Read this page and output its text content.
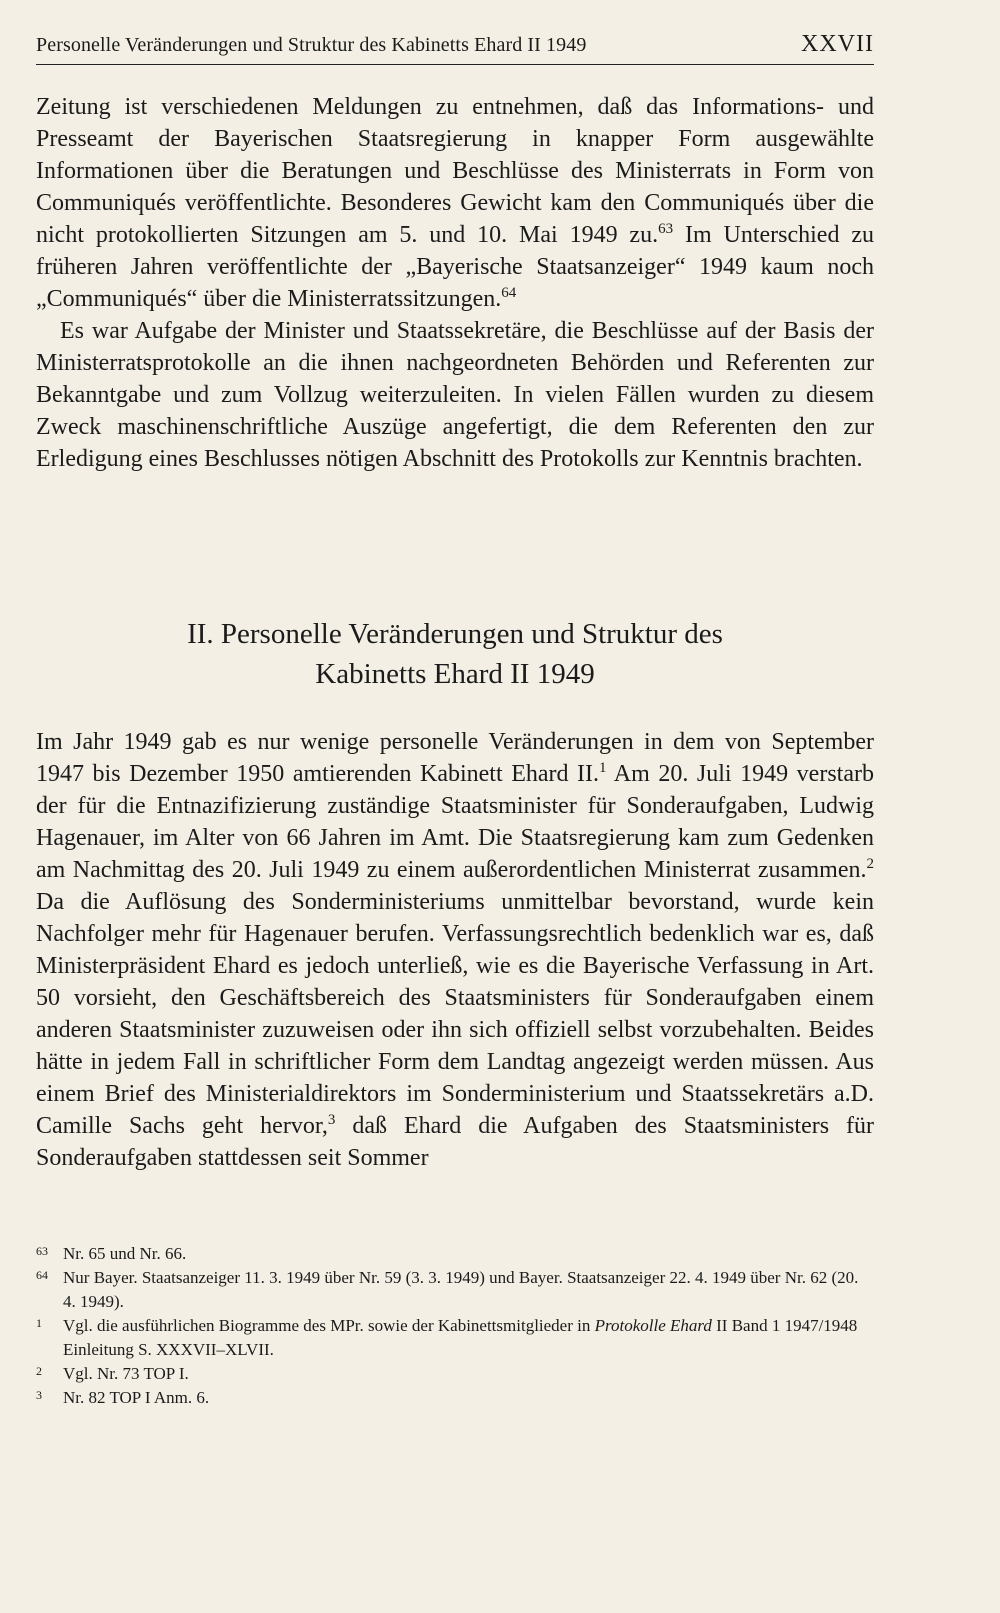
Personelle Veränderungen und Struktur des Kabinetts Ehard II 1949	XXVII

Zeitung ist verschiedenen Meldungen zu entnehmen, daß das Informations- und Presseamt der Bayerischen Staatsregierung in knapper Form ausgewählte Informationen über die Beratungen und Beschlüsse des Ministerrats in Form von Communiqués veröffentlichte. Besonderes Gewicht kam den Communiqués über die nicht protokollierten Sitzungen am 5. und 10. Mai 1949 zu.$^{63}$ Im Unterschied zu früheren Jahren veröffentlichte der „Bayerische Staatsanzeiger“ 1949 kaum noch „Communiqués“ über die Ministerratssitzungen.$^{64}$

Es war Aufgabe der Minister und Staatssekretäre, die Beschlüsse auf der Basis der Ministerratsprotokolle an die ihnen nachgeordneten Behörden und Referenten zur Bekanntgabe und zum Vollzug weiterzuleiten. In vielen Fällen wurden zu diesem Zweck maschinenschriftliche Auszüge angefertigt, die dem Referenten den zur Erledigung eines Beschlusses nötigen Abschnitt des Protokolls zur Kenntnis brachten.

II. Personelle Veränderungen und Struktur des
Kabinetts Ehard II 1949

Im Jahr 1949 gab es nur wenige personelle Veränderungen in dem von September 1947 bis Dezember 1950 amtierenden Kabinett Ehard II.$^1$ Am 20. Juli 1949 verstarb der für die Entnazifizierung zuständige Staatsminister für Sonderaufgaben, Ludwig Hagenauer, im Alter von 66 Jahren im Amt. Die Staatsregierung kam zum Gedenken am Nachmittag des 20. Juli 1949 zu einem außerordentlichen Ministerrat zusammen.$^2$ Da die Auflösung des Sonderministeriums unmittelbar bevorstand, wurde kein Nachfolger mehr für Hagenauer berufen. Verfassungsrechtlich bedenklich war es, daß Ministerpräsident Ehard es jedoch unterließ, wie es die Bayerische Verfassung in Art. 50 vorsieht, den Geschäftsbereich des Staatsministers für Sonderaufgaben einem anderen Staatsminister zuzuweisen oder ihn sich offiziell selbst vorzubehalten. Beides hätte in jedem Fall in schriftlicher Form dem Landtag angezeigt werden müssen. Aus einem Brief des Ministerialdirektors im Sonderministerium und Staatssekretärs a.D. Camille Sachs geht hervor,$^3$ daß Ehard die Aufgaben des Staatsministers für Sonderaufgaben stattdessen seit Sommer

63 Nr. 65 und Nr. 66.
64 Nur Bayer. Staatsanzeiger 11. 3. 1949 über Nr. 59 (3. 3. 1949) und Bayer. Staatsanzeiger 22. 4. 1949 über Nr. 62 (20. 4. 1949).
1 Vgl. die ausführlichen Biogramme des MPr. sowie der Kabinettsmitglieder in Protokolle Ehard II Band 1 1947/1948 Einleitung S. XXXVII–XLVII.
2 Vgl. Nr. 73 TOP I.
3 Nr. 82 TOP I Anm. 6.
